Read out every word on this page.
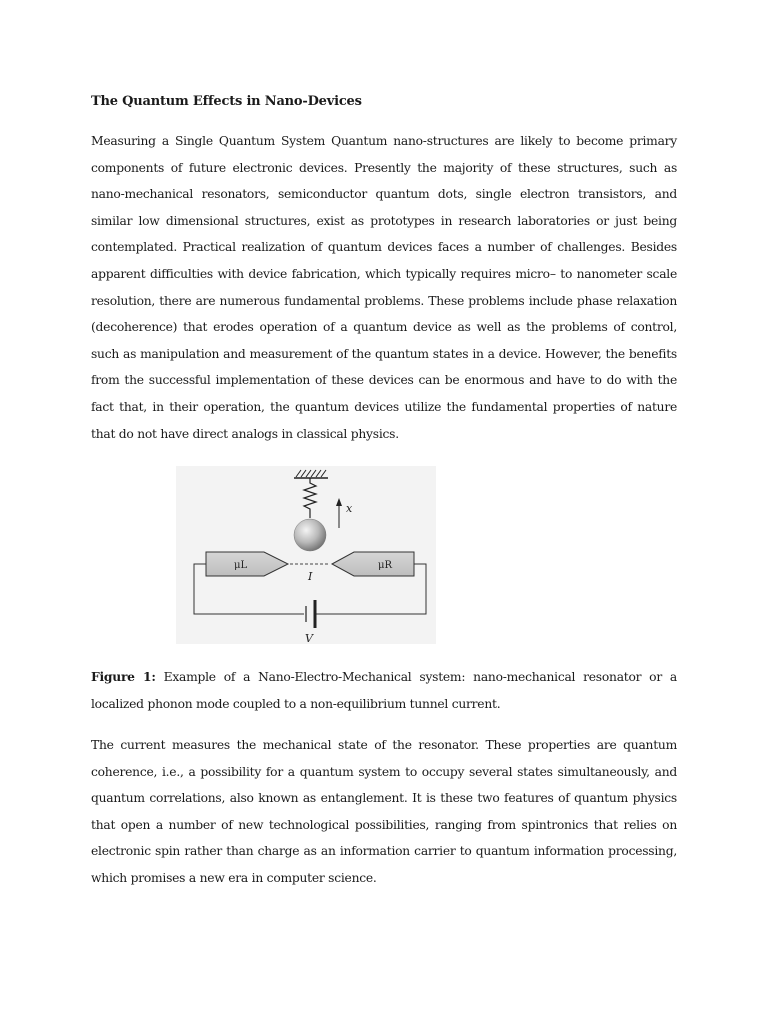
The Quantum Effects in Nano-Devices

Measuring a Single Quantum System Quantum nano-structures are likely to become primary components of future electronic devices. Presently the majority of these structures, such as nano-mechanical resonators, semiconductor quantum dots, single electron transistors, and similar low dimensional structures, exist as prototypes in research laboratories or just being contemplated. Practical realization of quantum devices faces a number of challenges. Besides apparent difficulties with device fabrication, which typically requires micro– to nanometer scale resolution, there are numerous fundamental problems. These problems include phase relaxation (decoherence) that erodes operation of a quantum device as well as the problems of control, such as manipulation and measurement of the quantum states in a device. However, the benefits from the successful implementation of these devices can be enormous and have to do with the fact that, in their operation, the quantum devices utilize the fundamental properties of nature that do not have direct analogs in classical physics.

x
μL	μR
I
V

Figure 1: Example of a Nano-Electro-Mechanical system: nano-mechanical resonator or a localized phonon mode coupled to a non-equilibrium tunnel current.

The current measures the mechanical state of the resonator. These properties are quantum coherence, i.e., a possibility for a quantum system to occupy several states simultaneously, and quantum correlations, also known as entanglement. It is these two features of quantum physics that open a number of new technological possibilities, ranging from spintronics that relies on electronic spin rather than charge as an information carrier to quantum information processing, which promises a new era in computer science.
